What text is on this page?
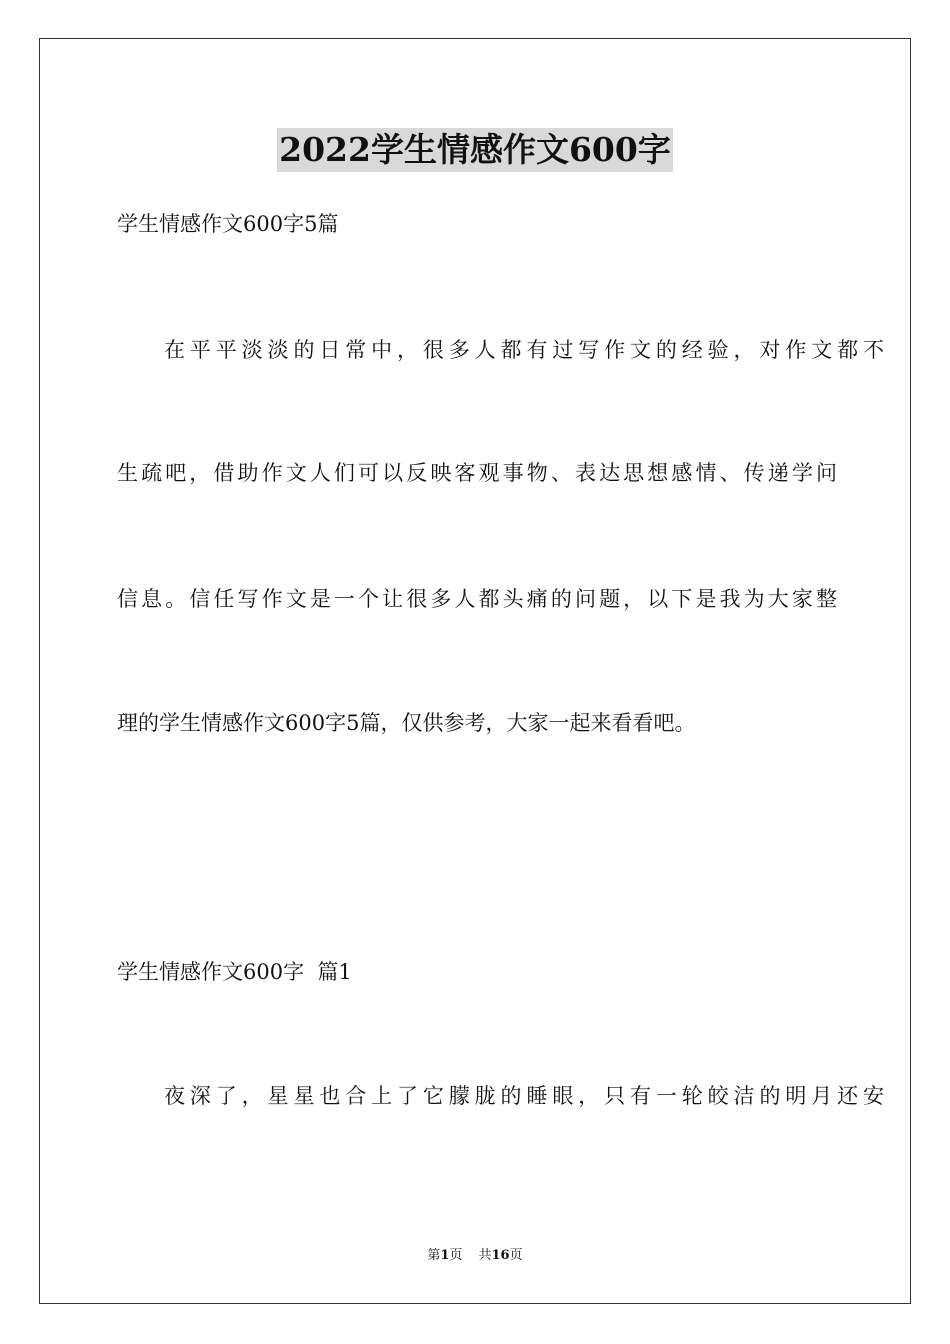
2022学生情感作文600字
学生情感作文600字5篇
在平平淡淡的日常中，很多人都有过写作文的经验，对作文都不
生疏吧，借助作文人们可以反映客观事物、表达思想感情、传递学问
信息。信任写作文是一个让很多人都头痛的问题，以下是我为大家整
理的学生情感作文600字5篇，仅供参考，大家一起来看看吧。
学生情感作文600字  篇1
夜深了，星星也合上了它朦胧的睡眼，只有一轮皎洁的明月还安
第1页 共16页
